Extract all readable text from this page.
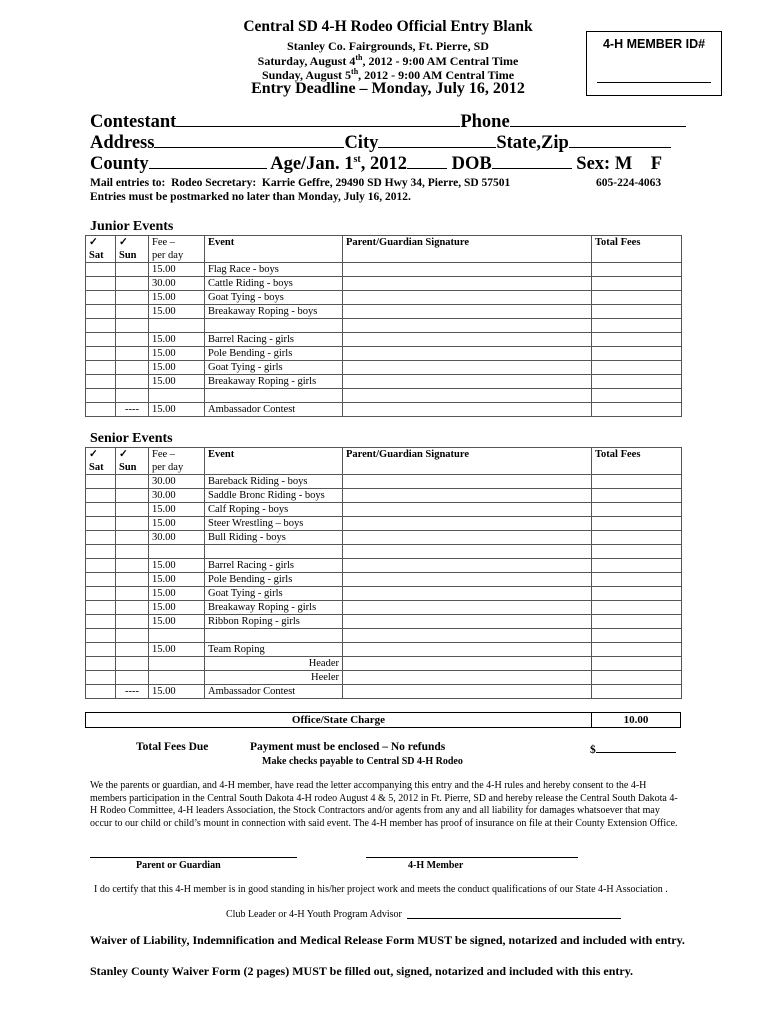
Central SD 4-H Rodeo Official Entry Blank
Stanley Co. Fairgrounds, Ft. Pierre, SD
Saturday, August 4th, 2012 - 9:00 AM Central Time
Sunday, August 5th, 2012 - 9:00 AM Central Time
Entry Deadline – Monday, July 16, 2012
4-H MEMBER ID#
Contestant	Phone
Address	City	State,Zip
County	Age/Jan. 1st, 2012 DOB	Sex: M    F
Mail entries to:  Rodeo Secretary:  Karrie Geffre, 29490 SD Hwy 34, Pierre, SD 57501	605-224-4063
Entries must be postmarked no later than Monday, July 16, 2012.
Junior Events
✓	✓	Fee –	Event	Parent/Guardian Signature	Total Fees
Sat	Sun	per day			
		15.00	Flag Race - boys		
		30.00	Cattle Riding - boys		
		15.00	Goat Tying - boys		
		15.00	Breakaway Roping - boys		

		15.00	Barrel Racing - girls		
		15.00	Pole Bending - girls		
		15.00	Goat Tying - girls		
		15.00	Breakaway Roping - girls		

	----	15.00	Ambassador Contest		
Senior Events
✓	✓	Fee –	Event	Parent/Guardian Signature	Total Fees
Sat	Sun	per day			
		30.00	Bareback Riding - boys		
		30.00	Saddle Bronc Riding - boys		
		15.00	Calf Roping - boys		
		15.00	Steer Wrestling – boys		
		30.00	Bull Riding - boys		

		15.00	Barrel Racing - girls		
		15.00	Pole Bending - girls		
		15.00	Goat Tying - girls		
		15.00	Breakaway Roping - girls		
		15.00	Ribbon Roping - girls		

		15.00	Team Roping		
			Header		
			Heeler		
	----	15.00	Ambassador Contest		
Office/State Charge	10.00
Total Fees Due	Payment must be enclosed – No refunds
Make checks payable to Central SD 4-H Rodeo
$
We the parents or guardian, and 4-H member, have read the letter accompanying this entry and the 4-H rules and hereby consent to the 4-H members participation in the Central South Dakota 4-H rodeo August 4 & 5, 2012 in Ft. Pierre, SD and hereby release the Central South Dakota 4-H Rodeo Committee, 4-H leaders Association, the Stock Contractors and/or agents from any and all liability for damages whatsoever that may occur to our child or child’s mount in connection with said event. The 4-H member has proof of insurance on file at their County Extension Office.
Parent or Guardian	4-H Member
I do certify that this 4-H member is in good standing in his/her project work and meets the conduct qualifications of our State 4-H Association .
Club Leader or 4-H Youth Program Advisor
Waiver of Liability, Indemnification and Medical Release Form MUST be signed, notarized and included with entry.
Stanley County Waiver Form (2 pages) MUST be filled out, signed, notarized and included with this entry.
